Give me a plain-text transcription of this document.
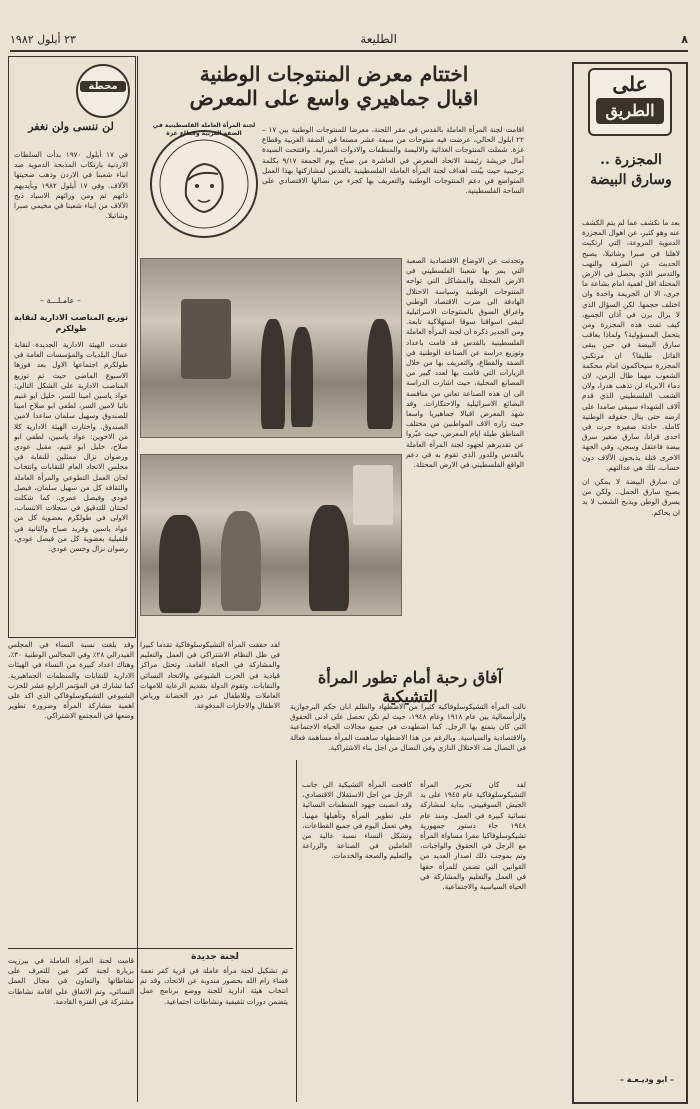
٨
الطليعة
٢٣ أيلول ١٩٨٢
على
الطريق
المجزرة .. وسارق البيضة

بعد ما نكشف عما لم يتم الكشف عنه وهو كثير، عن اهوال المجزرة الدموية المروعة، التي ارتكبت لاهلنا في صبرا وشاتيلا، يصبح الحديث عن السرقة والنهب والتدمير الذي يحصل في الارض المحتلة اقل اهمية امام بشاعة ما جرى، الا ان الجريمة واحدة وان اختلف حجمها. لكن السؤال الذي لا يزال يرن في آذان الجميع، كيف تمت هذه المجزرة ومن يتحمل المسؤولية؟ ولماذا يعاقب سارق البيضة في حين يبقى القاتل طليقا؟ ان مرتكبي المجزرة سيحاكمون امام محكمة الشعوب مهما طال الزمن، لان دماء الابرياء لن تذهب هدرا، ولان الشعب الفلسطيني الذي قدم آلاف الشهداء سيبقى صامدا على ارضه حتى ينال حقوقه الوطنية كاملة. حادثة صغيرة جرت في احدى قرانا، سارق صغير سرق بيضة فاعتقل وسجن، وفي الجهة الاخرى قتلة يذبحون الآلاف دون حساب، تلك هي عدالتهم.

ان سارق البيضة لا يمكن ان يصبح سارق الجمل.. ولكن من يسرق الوطن ويذبح الشعب لا بد ان يحاكم.

– ابو وديـعـة –
اختتام معرض المنتوجات الوطنية
اقبال جماهيري واسع على المعرض
لجنة المرأة العاملة الفلسطينية في الضفة الغربية وقطاع غزة	اقامت لجنة المرأة العاملة بالقدس في مقر اللجنة، معرضا للمنتوجات الوطنية بين ١٧ – ٢٢ ايلول الحالي، عرضت فيه منتوجات من سبعة عشر مصنعا في الضفة الغربية وقطاع غزة. شملت المنتوجات الغذائية والالبسة والمنظفات والادوات المنزلية. وافتتحت السيدة آمال خريشة رئيسة الاتحاد المعرض في العاشرة من صباح يوم الجمعة ٩/١٧ بكلمة ترحيبية حيث بيّنت اهداف لجنة المرأة العاملة الفلسطينية بالقدس لمشاركتها بهذا العمل المتواضع في دعم المنتوجات الوطنية والتعريف بها كجزء من نضالها الاقتصادي على الساحة الفلسطينية.

وتحدثت عن الاوضاع الاقتصادية الصعبة التي يمر بها شعبنا الفلسطيني في الارض المحتلة والمشاكل التي تواجه المنتوجات الوطنية وسياسة الاحتلال الهادفة الى ضرب الاقتصاد الوطني واغراق السوق بالمنتوجات الاسرائيلية لتبقى اسواقنا سوقا استهلاكية تابعة. ومن الجدير ذكره ان لجنة المرأة العاملة الفلسطينية بالقدس قد قامت باعداد وتوزيع دراسة عن الصناعة الوطنية في الضفة والقطاع، والتعريف بها من خلال الزيارات التي قامت بها لعدد كبير من المصانع المحلية، حيث اشارت الدراسة الى ان هذه الصناعة تعاني من منافسة البضائع الاسرائيلية والاحتكارات. وقد شهد المعرض اقبالا جماهيريا واسعا حيث زاره الاف المواطنين من مختلف المناطق طيلة ايام المعرض، حيث عبّروا عن تقديرهم لجهود لجنة المرأة العاملة بالقدس وللدور الذي تقوم به في دعم الواقع الفلسطيني في الارض المحتلة.

محطة
لن ننسى ولن نغفر

في ١٧ أيلول ١٩٧٠ بدأت السلطات الاردنية بارتكاب المذبحة الدموية ضد ابناء شعبنا في الاردن وذهب ضحيتها الآلاف. وفي ١٧ أيلول ١٩٨٢ وبأيديهم ذاتهم ثم ومن ورائهم الاسياد ذبح الآلاف من ابناء شعبنا في مخيمي صبرا وشاتيلا.

– عامـلـــة –
توزيع المناصب الادارية لنقابة طولكرم

عقدت الهيئة الادارية الجديدة لنقابة عمال البلديات والمؤسسات العامة في طولكرم اجتماعها الاول بعد فوزها الاسبوع الماضي حيث تم توزيع المناصب الادارية على الشكل التالي: عواد ياسين امينا للسر، خليل ابو غنيم نائبا لامين السر، لطفي ابو صلاح امينا للصندوق وسهيل سلمان ساعدا لامين الصندوق. واختارت الهيئة الادارية كلا من الاخوين: عواد ياسين، لطفي ابو صلاح، خليل ابو غنيم، مقبل عودي ورضوان نزال ممثلين للنقابة في مجلس الاتحاد العام للنقابات وانتخاب لجان العمل التطوعي والمرأة العاملة والثقافة كل من سهيل سلمان، فيصل عودي وفيصل عمري. كما شكلت لجنتان للتدقيق في سجلات الانتساب، الاولى في طولكرم بعضوية كل من عواد ياسين وفريد صباح والثانية في قلقيلية بعضوية كل من فيصل عودي، رضوان نزال وحسن عودي.

آفاق رحبة أمام تطور المرأة التشيكية

نالت المرأة التشيكوسلوفاكية كثيرا من الاضطهاد والظلم ابان حكم البرجوازية والرأسمالية بين عام ١٩١٨ وعام ١٩٤٨، حيث لم تكن تحصل على ادنى الحقوق التي كان يتمتع بها الرجل. كما اضطهدت في جميع مجالات الحياة الاجتماعية والاقتصادية والسياسية. وبالرغم من هذا الاضطهاد ساهمت المرأة مساهمة فعالة في النضال ضد الاحتلال النازي وفي النضال من اجل بناء الاشتراكية.

لقد كان تحرير المرأة التشيكوسلوفاكية عام ١٩٤٥ على يد الجيش السوفييتي، بداية لمشاركة نسائية كبيرة في العمل. ومنذ عام ١٩٤٨ جاء دستور جمهورية تشيكوسلوفاكيا مقرا مساواة المرأة مع الرجل في الحقوق والواجبات، وتم بموجب ذلك اصدار العديد من القوانين التي تضمن للمرأة حقها في العمل والتعليم والمشاركة في الحياة السياسية والاجتماعية.

كافحت المرأة التشيكية الى جانب الرجل من اجل الاستقلال الاقتصادي، وقد انصبت جهود المنظمات النسائية على تطوير المرأة وتأهيلها مهنيا. وهي تعمل اليوم في جميع القطاعات، وتشكل النساء نسبة عالية من العاملين في الصناعة والزراعة والتعليم والصحة والخدمات.

لقد حققت المرأة التشيكوسلوفاكية تقدما كبيرا في ظل النظام الاشتراكي في العمل والتعليم والمشاركة في الحياة العامة، وتحتل مراكز قيادية في الحزب الشيوعي والاتحاد النسائي والنقابات. وتقوم الدولة بتقديم الرعاية للامهات العاملات وللاطفال عبر دور الحضانة ورياض الاطفال والاجازات المدفوعة.

وقد بلغت نسبة النساء في المجلس الفيدرالي ٢٨٪ وفي المجالس الوطنية ٣٠٪، وهناك اعداد كبيرة من النساء في الهيئات الادارية للنقابات والمنظمات الجماهيرية. كما تشارك في المؤتمر الرابع عشر للحزب الشيوعي التشيكوسلوفاكي الذي اكد على اهمية مشاركة المرأة وضرورة تطوير وضعها في المجتمع الاشتراكي.

لجنة جديدة

تم تشكيل لجنة مرأة عاملة في قرية كفر نعمة قضاء رام الله بحضور مندوبة عن الاتحاد، وقد تم انتخاب هيئة ادارية للجنة ووضع برنامج عمل يتضمن دورات تثقيفية ونشاطات اجتماعية.

قامت لجنة المرأة العاملة في بيرزيت بزيارة لجنة كفر عين للتعرف على نشاطاتها والتعاون في مجال العمل النسائي، وتم الاتفاق على اقامة نشاطات مشتركة في الفترة القادمة.
